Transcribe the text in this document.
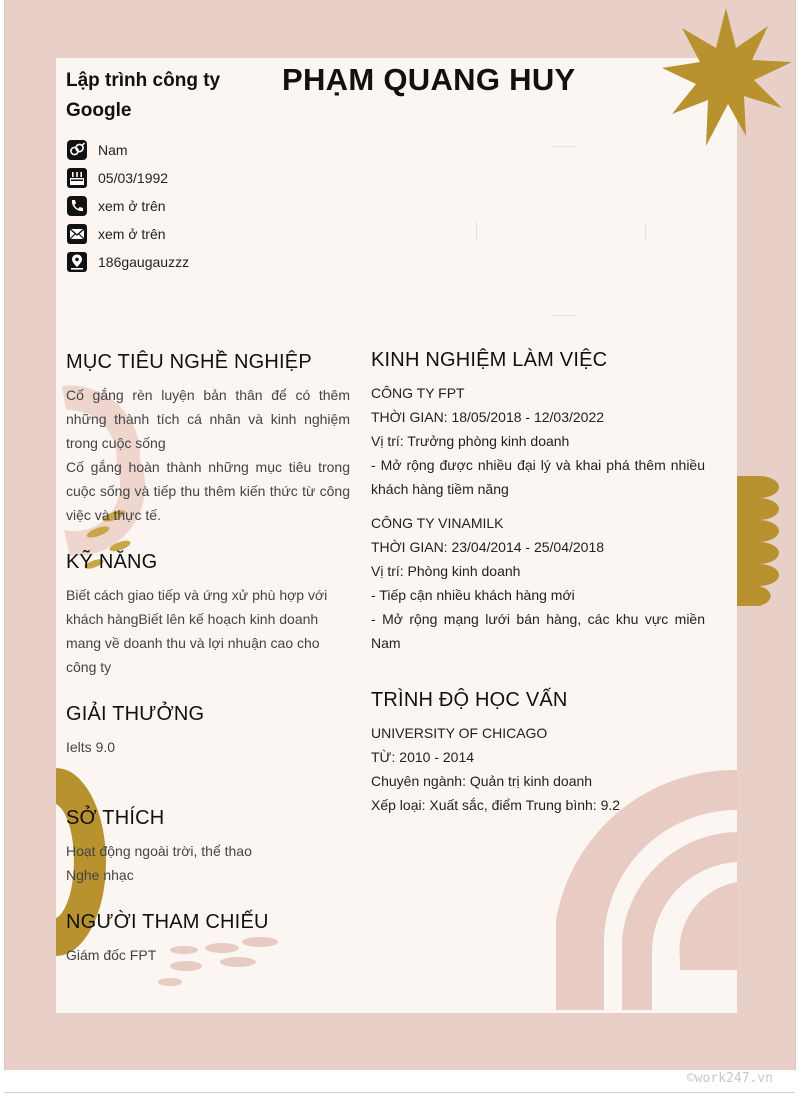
Lập trình công ty Google
PHẠM QUANG HUY
Nam
05/03/1992
xem ở trên
xem ở trên
186gaugauzzz
MỤC TIÊU NGHỀ NGHIỆP
Cố gắng rèn luyện bản thân để có thêm những thành tích cá nhân và kinh nghiệm trong cuộc sống
Cố gắng hoàn thành những mục tiêu trong cuộc sống và tiếp thu thêm kiến thức từ công việc và thực tế.
KỸ NĂNG
Biết cách giao tiếp và ứng xử phù hợp với khách hàngBiết lên kế hoạch kinh doanh mang về doanh thu và lợi nhuận cao cho công ty
GIẢI THƯỞNG
Ielts 9.0
SỞ THÍCH
Hoạt động ngoài trời, thể thao
Nghe nhạc
NGƯỜI THAM CHIẾU
Giám đốc FPT
KINH NGHIỆM LÀM VIỆC
CÔNG TY FPT
THỜI GIAN: 18/05/2018 - 12/03/2022
Vị trí: Trưởng phòng kinh doanh
- Mở rộng được nhiều đại lý và khai phá thêm nhiều khách hàng tiềm năng
CÔNG TY VINAMILK
THỜI GIAN: 23/04/2014 - 25/04/2018
Vị trí: Phòng kinh doanh
- Tiếp cận nhiều khách hàng mới
- Mở rộng mạng lưới bán hàng, các khu vực miền Nam
TRÌNH ĐỘ HỌC VẤN
UNIVERSITY OF CHICAGO
TỪ: 2010 - 2014
Chuyên ngành: Quản trị kinh doanh
Xếp loại: Xuất sắc, điểm Trung bình: 9.2
©work247.vn
